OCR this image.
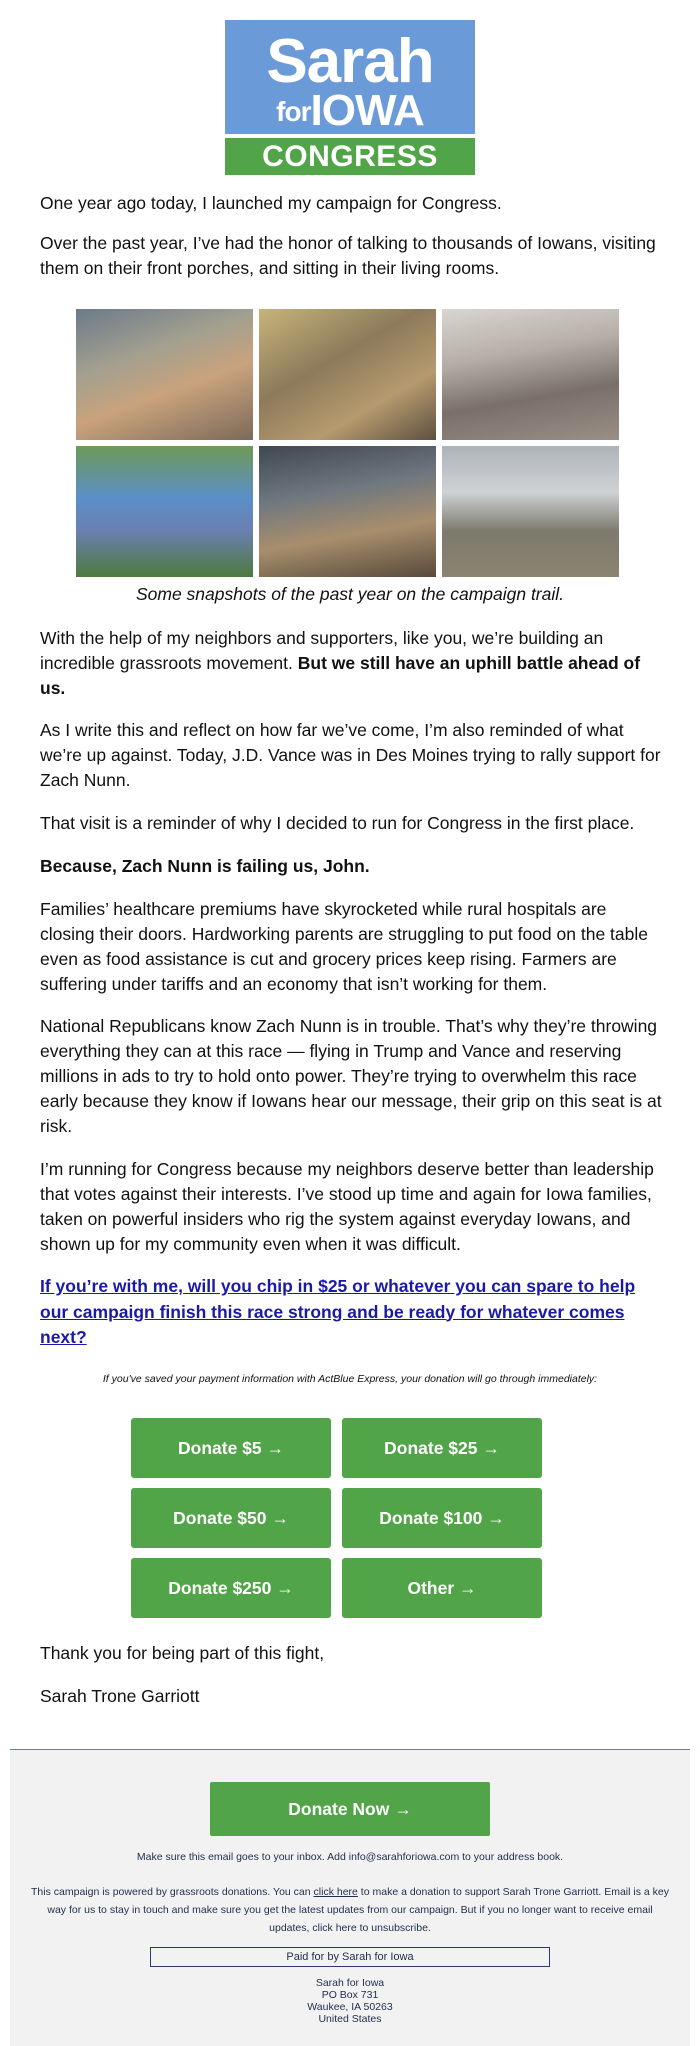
Sarah
forIOWA
CONGRESS

One year ago today, I launched my campaign for Congress.

Over the past year, I’ve had the honor of talking to thousands of Iowans, visiting them on their front porches, and sitting in their living rooms.

Some snapshots of the past year on the campaign trail.

With the help of my neighbors and supporters, like you, we’re building an incredible grassroots movement. But we still have an uphill battle ahead of us.

As I write this and reflect on how far we’ve come, I’m also reminded of what we’re up against. Today, J.D. Vance was in Des Moines trying to rally support for Zach Nunn.

That visit is a reminder of why I decided to run for Congress in the first place.

Because, Zach Nunn is failing us, John.

Families’ healthcare premiums have skyrocketed while rural hospitals are closing their doors. Hardworking parents are struggling to put food on the table even as food assistance is cut and grocery prices keep rising. Farmers are suffering under tariffs and an economy that isn’t working for them.

National Republicans know Zach Nunn is in trouble. That’s why they’re throwing everything they can at this race — flying in Trump and Vance and reserving millions in ads to try to hold onto power. They’re trying to overwhelm this race early because they know if Iowans hear our message, their grip on this seat is at risk.

I’m running for Congress because my neighbors deserve better than leadership that votes against their interests. I’ve stood up time and again for Iowa families, taken on powerful insiders who rig the system against everyday Iowans, and shown up for my community even when it was difficult.

If you’re with me, will you chip in $25 or whatever you can spare to help our campaign finish this race strong and be ready for whatever comes next?

If you've saved your payment information with ActBlue Express, your donation will go through immediately:

Donate $5 →	Donate $25 →
Donate $50 →	Donate $100 →
Donate $250 →	Other →

Thank you for being part of this fight,

Sarah Trone Garriott

Donate Now →

Make sure this email goes to your inbox. Add info@sarahforiowa.com to your address book.

This campaign is powered by grassroots donations. You can click here to make a donation to support Sarah Trone Garriott. Email is a key way for us to stay in touch and make sure you get the latest updates from our campaign. But if you no longer want to receive email updates, click here to unsubscribe.

Paid for by Sarah for Iowa

Sarah for Iowa
PO Box 731
Waukee, IA 50263
United States
